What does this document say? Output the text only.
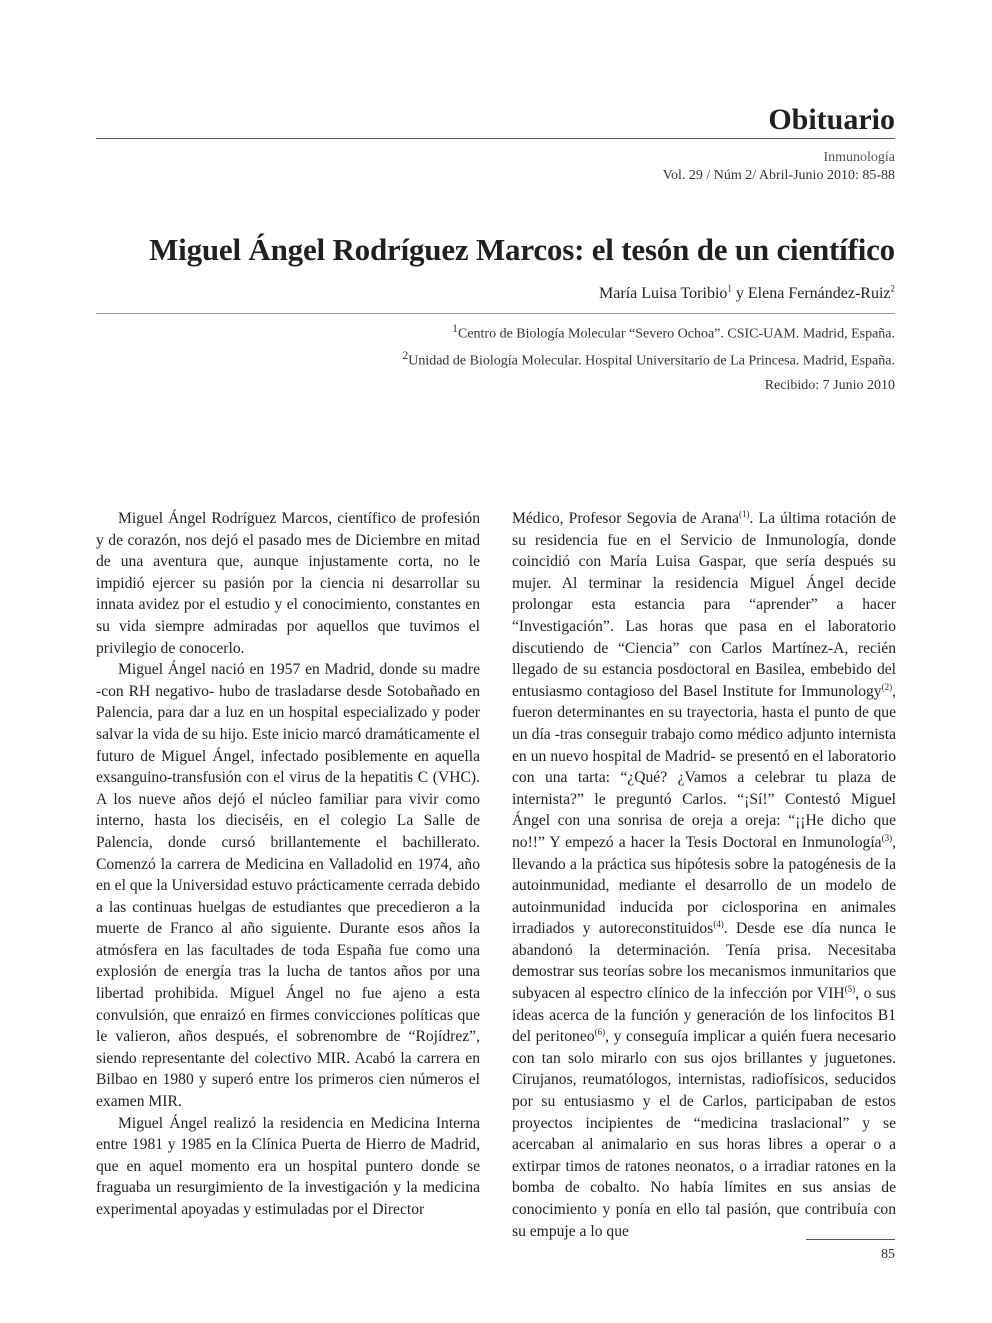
Obituario
Inmunología
Vol. 29 / Núm 2/ Abril-Junio 2010: 85-88
Miguel Ángel Rodríguez Marcos: el tesón de un científico
María Luisa Toribio$^1$ y Elena Fernández-Ruiz$^2$
$^1$Centro de Biología Molecular “Severo Ochoa”. CSIC-UAM. Madrid, España.
$^2$Unidad de Biología Molecular. Hospital Universitario de La Princesa. Madrid, España.
Recibido: 7 Junio 2010

Miguel Ángel Rodríguez Marcos, científico de profesión y de corazón, nos dejó el pasado mes de Diciembre en mitad de una aventura que, aunque injustamente corta, no le impidió ejercer su pasión por la ciencia ni desarrollar su innata avidez por el estudio y el conocimiento, constantes en su vida siempre admiradas por aquellos que tuvimos el privilegio de conocerlo.

Miguel Ángel nació en 1957 en Madrid, donde su madre -con RH negativo- hubo de trasladarse desde Sotobañado en Palencia, para dar a luz en un hospital especializado y poder salvar la vida de su hijo. Este inicio marcó dramáticamente el futuro de Miguel Ángel, infectado posiblemente en aquella exsanguino-transfusión con el virus de la hepatitis C (VHC). A los nueve años dejó el núcleo familiar para vivir como interno, hasta los dieciséis, en el colegio La Salle de Palencia, donde cursó brillantemente el bachillerato. Comenzó la carrera de Medicina en Valladolid en 1974, año en el que la Universidad estuvo prácticamente cerrada debido a las continuas huelgas de estudiantes que precedieron a la muerte de Franco al año siguiente. Durante esos años la atmósfera en las facultades de toda España fue como una explosión de energía tras la lucha de tantos años por una libertad prohibida. Miguel Ángel no fue ajeno a esta convulsión, que enraizó en firmes convicciones políticas que le valieron, años después, el sobrenombre de “Rojídrez”, siendo representante del colectivo MIR. Acabó la carrera en Bilbao en 1980 y superó entre los primeros cien números el examen MIR.

Miguel Ángel realizó la residencia en Medicina Interna entre 1981 y 1985 en la Clínica Puerta de Hierro de Madrid, que en aquel momento era un hospital puntero donde se fraguaba un resurgimiento de la investigación y la medicina experimental apoyadas y estimuladas por el Director

Médico, Profesor Segovia de Arana$^{(1)}$. La última rotación de su residencia fue en el Servicio de Inmunología, donde coincidió con María Luisa Gaspar, que sería después su mujer. Al terminar la residencia Miguel Ángel decide prolongar esta estancia para “aprender” a hacer “Investigación”. Las horas que pasa en el laboratorio discutiendo de “Ciencia” con Carlos Martínez-A, recién llegado de su estancia posdoctoral en Basilea, embebido del entusiasmo contagioso del Basel Institute for Immunology$^{(2)}$, fueron determinantes en su trayectoria, hasta el punto de que un día -tras conseguir trabajo como médico adjunto internista en un nuevo hospital de Madrid- se presentó en el laboratorio con una tarta: “¿Qué? ¿Vamos a celebrar tu plaza de internista?” le preguntó Carlos. “¡Sí!” Contestó Miguel Ángel con una sonrisa de oreja a oreja: “¡¡He dicho que no!!” Y empezó a hacer la Tesis Doctoral en Inmunología$^{(3)}$, llevando a la práctica sus hipótesis sobre la patogénesis de la autoinmunidad, mediante el desarrollo de un modelo de autoinmunidad inducida por ciclosporina en animales irradiados y autoreconstituidos$^{(4)}$. Desde ese día nunca le abandonó la determinación. Tenía prisa. Necesitaba demostrar sus teorías sobre los mecanismos inmunitarios que subyacen al espectro clínico de la infección por VIH$^{(5)}$, o sus ideas acerca de la función y generación de los linfocitos B1 del peritoneo$^{(6)}$, y conseguía implicar a quién fuera necesario con tan solo mirarlo con sus ojos brillantes y juguetones. Cirujanos, reumatólogos, internistas, radiofísicos, seducidos por su entusiasmo y el de Carlos, participaban de estos proyectos incipientes de “medicina traslacional” y se acercaban al animalario en sus horas libres a operar o a extirpar timos de ratones neonatos, o a irradiar ratones en la bomba de cobalto. No había límites en sus ansias de conocimiento y ponía en ello tal pasión, que contribuía con su empuje a lo que

85
